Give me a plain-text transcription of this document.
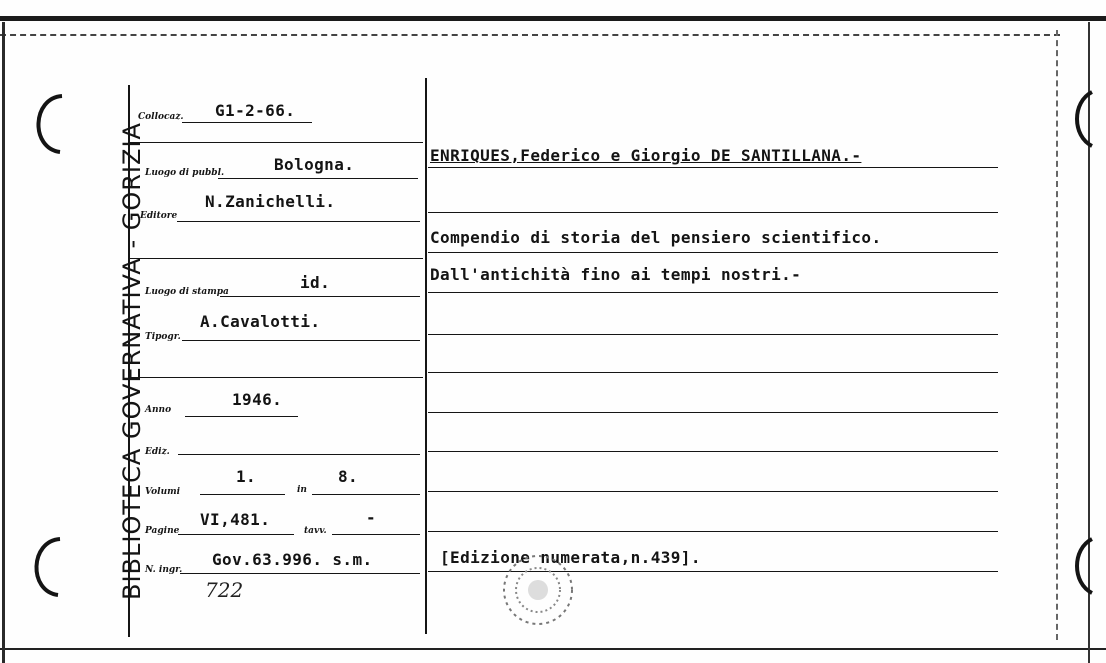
BIBLIOTECA GOVERNATIVA - GORIZIA
Collocaz. G1-2-66.
Luogo di pubbl.	Bologna.
Editore
N.Zanichelli.
Luogo di stampa	id.
Tipogr.
A.Cavalotti.
Anno
1946.
Ediz.
Volumi
1.
in
8.
Pagine
VI,481.
tavv.
-
N. ingr.
Gov.63.996. s.m.
722
ENRIQUES,Federico e Giorgio DE SANTILLANA.-
Compendio di storia del pensiero scientifico.
Dall'antichità fino ai tempi nostri.-
[Edizione numerata,n.439].
